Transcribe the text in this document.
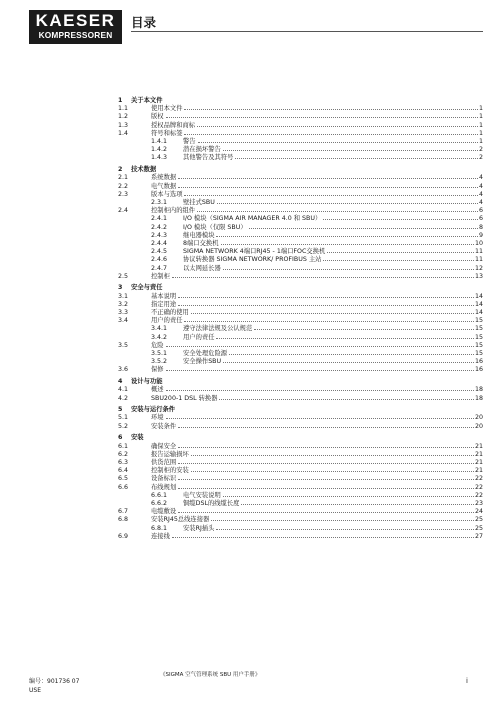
KAESER
KOMPRESSOREN
目录
1	关于本文件
1.1	使用本文件	1
1.2	版权	1
1.3	授权品牌和商标	1
1.4	符号和标签	1
1.4.1	警告	1
1.4.2	潜在损坏警告	2
1.4.3	其他警告及其符号	2
2	技术数据
2.1	系统数据	4
2.2	电气数据	4
2.3	版本与选项	4
2.3.1	壁挂式SBU	4
2.4	控制柜内的组件	6
2.4.1	I/O 模块（SIGMA AIR MANAGER 4.0 和 SBU）	6
2.4.2	I/O 模块（仅限 SBU）	8
2.4.3	继电器模块	9
2.4.4	8端口交换机	10
2.4.5	SIGMA NETWORK 4端口RJ45 - 1端口FOC交换机	11
2.4.6	协议转换器 SIGMA NETWORK/ PROFIBUS 主站	11
2.4.7	以太网延长器	12
2.5	控制柜	13
3	安全与责任
3.1	基本说明	14
3.2	指定用途	14
3.3	不正确的使用	14
3.4	用户的责任	15
3.4.1	遵守法律法规及公认规范	15
3.4.2	用户的责任	15
3.5	危险	15
3.5.1	安全处理危险源	15
3.5.2	安全操作SBU	16
3.6	保修	16
4	设计与功能
4.1	概述	18
4.2	SBU200-1 DSL 转换器	18
5	安装与运行条件
5.1	环境	20
5.2	安装条件	20
6	安装
6.1	确保安全	21
6.2	报告运输损坏	21
6.3	供货范围	21
6.4	控制柜的安装	21
6.5	设备标识	22
6.6	布线规划	22
6.6.1	电气安装说明	22
6.6.2	铜缆DSL的线缆长度	23
6.7	电缆敷设	24
6.8	安装RJ45总线连接器	25
6.8.1	安装RJ插头	25
6.9	连接线	27
《SIGMA 空气管理系统 SBU 用户手册》
编号：901736 07
USE
i
